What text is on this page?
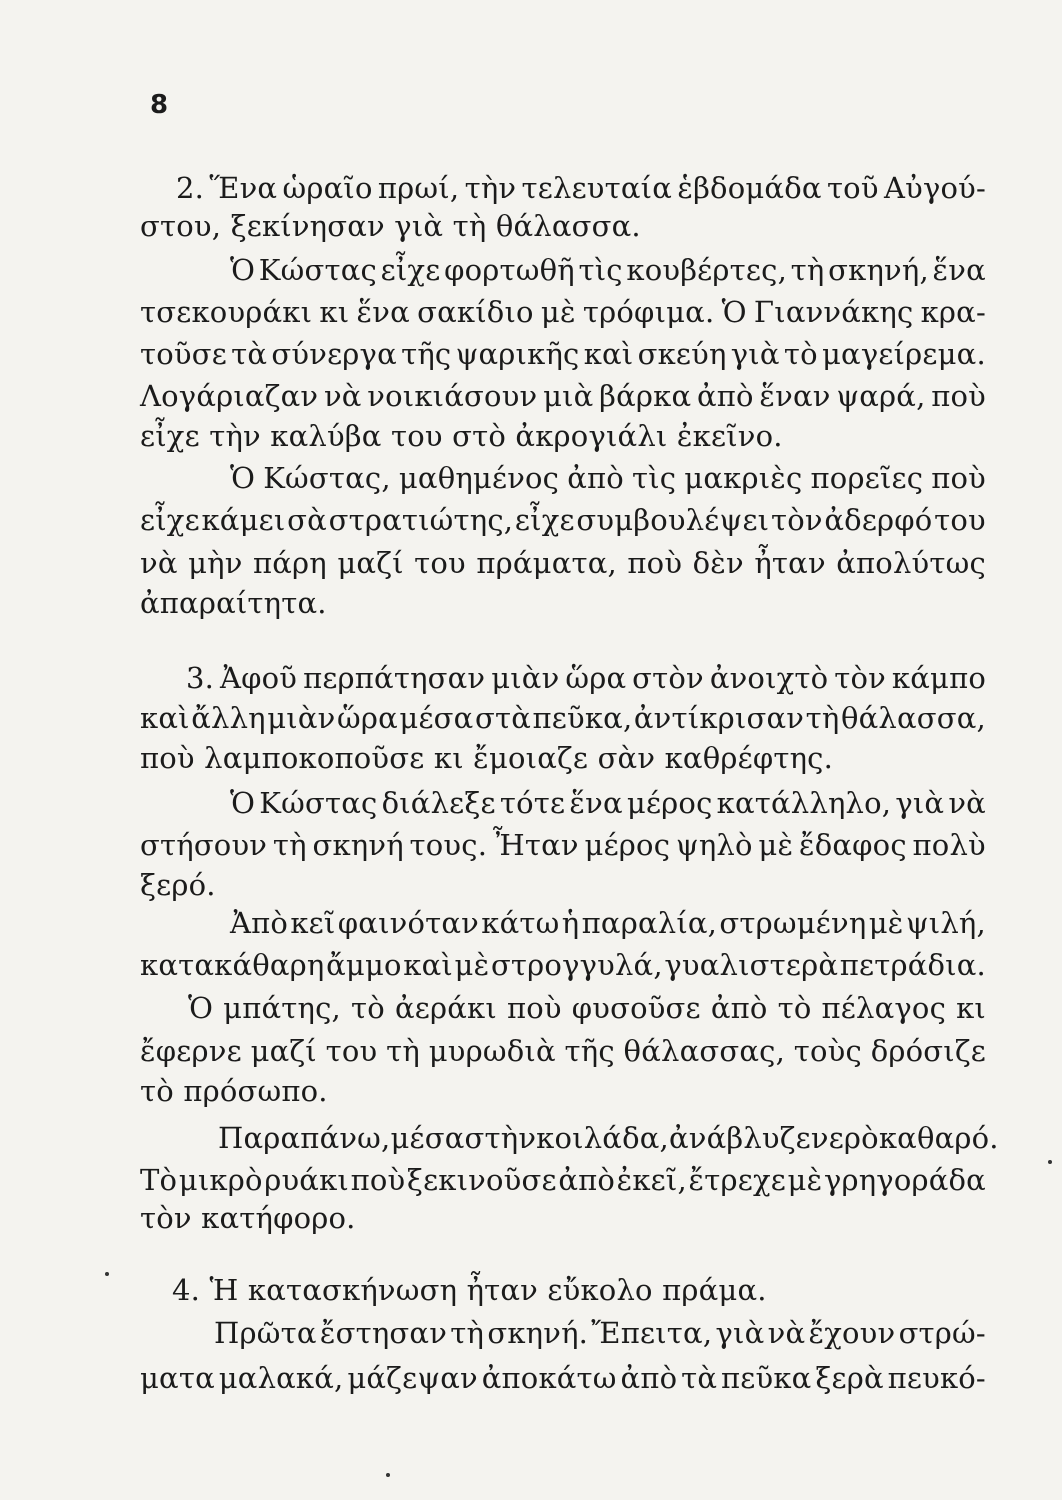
8
2. Ἕνα ὡραῖο πρωί, τὴν τελευταία ἑβδομάδα τοῦ Αὐγού-
στου, ξεκίνησαν γιὰ τὴ θάλασσα.
Ὁ Κώστας εἶχε φορτωθῆ τὶς κουβέρτες, τὴ σκηνή, ἕνα
τσεκουράκι κι ἕνα σακίδιο μὲ τρόφιμα. Ὁ Γιαννάκης κρα-
τοῦσε τὰ σύνεργα τῆς ψαρικῆς καὶ σκεύη γιὰ τὸ μαγείρεμα.
Λογάριαζαν νὰ νοικιάσουν μιὰ βάρκα ἀπὸ ἕναν ψαρά, ποὺ
εἶχε τὴν καλύβα του στὸ ἀκρογιάλι ἐκεῖνο.
Ὁ Κώστας, μαθημένος ἀπὸ τὶς μακριὲς πορεῖες ποὺ
εἶχε κάμει σὰ στρατιώτης, εἶχε συμβουλέψει τὸν ἀδερφό του
νὰ μὴν πάρη μαζί του πράματα, ποὺ δὲν ἦταν ἀπολύτως
ἀπαραίτητα.
3. Ἀφοῦ περπάτησαν μιὰν ὥρα στὸν ἀνοιχτὸ τὸν κάμπο
καὶ ἄλλη μιὰν ὥρα μέσα στὰ πεῦκα, ἀντίκρισαν τὴ θάλασσα,
ποὺ λαμποκοποῦσε κι ἔμοιαζε σὰν καθρέφτης.
Ὁ Κώστας διάλεξε τότε ἕνα μέρος κατάλληλο, γιὰ νὰ
στήσουν τὴ σκηνή τους. Ἦταν μέρος ψηλὸ μὲ ἔδαφος πολὺ
ξερό.
Ἀπὸ κεῖ φαινόταν κάτω ἡ παραλία, στρωμένη μὲ ψιλή,
κατακάθαρη ἄμμο καὶ μὲ στρογγυλά, γυαλιστερὰ πετράδια.
Ὁ μπάτης, τὸ ἀεράκι ποὺ φυσοῦσε ἀπὸ τὸ πέλαγος κι
ἔφερνε μαζί του τὴ μυρωδιὰ τῆς θάλασσας, τοὺς δρόσιζε
τὸ πρόσωπο.
Παραπάνω, μέσα στὴν κοιλάδα, ἀνάβλυζε νερὸ καθαρό.
Τὸ μικρὸ ρυάκι ποὺ ξεκινοῦσε ἀπὸ ἐκεῖ, ἔτρεχε μὲ γρηγοράδα
τὸν κατήφορο.
4. Ἡ κατασκήνωση ἦταν εὔκολο πράμα.
Πρῶτα ἔστησαν τὴ σκηνή. Ἔπειτα, γιὰ νὰ ἔχουν στρώ-
ματα μαλακά, μάζεψαν ἀποκάτω ἀπὸ τὰ πεῦκα ξερὰ πευκό-
